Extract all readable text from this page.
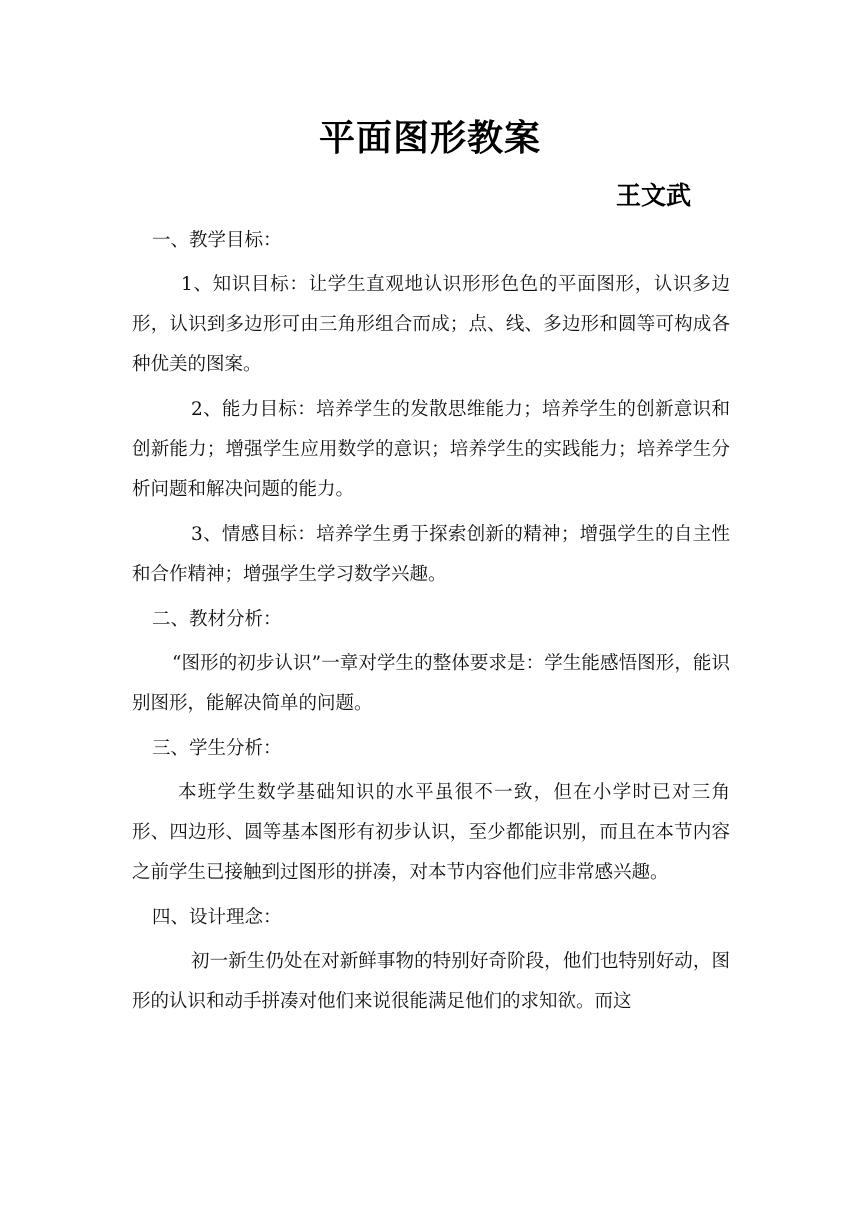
平面图形教案
王文武

一、教学目标：

1、知识目标：让学生直观地认识形形色色的平面图形，认识多边形，认识到多边形可由三角形组合而成；点、线、多边形和圆等可构成各种优美的图案。

2、能力目标：培养学生的发散思维能力；培养学生的创新意识和创新能力；增强学生应用数学的意识；培养学生的实践能力；培养学生分析问题和解决问题的能力。

3、情感目标：培养学生勇于探索创新的精神；增强学生的自主性和合作精神；增强学生学习数学兴趣。

二、教材分析：

“图形的初步认识”一章对学生的整体要求是：学生能感悟图形，能识别图形，能解决简单的问题。

三、学生分析：

本班学生数学基础知识的水平虽很不一致，但在小学时已对三角形、四边形、圆等基本图形有初步认识，至少都能识别，而且在本节内容之前学生已接触到过图形的拼凑，对本节内容他们应非常感兴趣。

四、设计理念：

初一新生仍处在对新鲜事物的特别好奇阶段，他们也特别好动，图形的认识和动手拼凑对他们来说很能满足他们的求知欲。而这
